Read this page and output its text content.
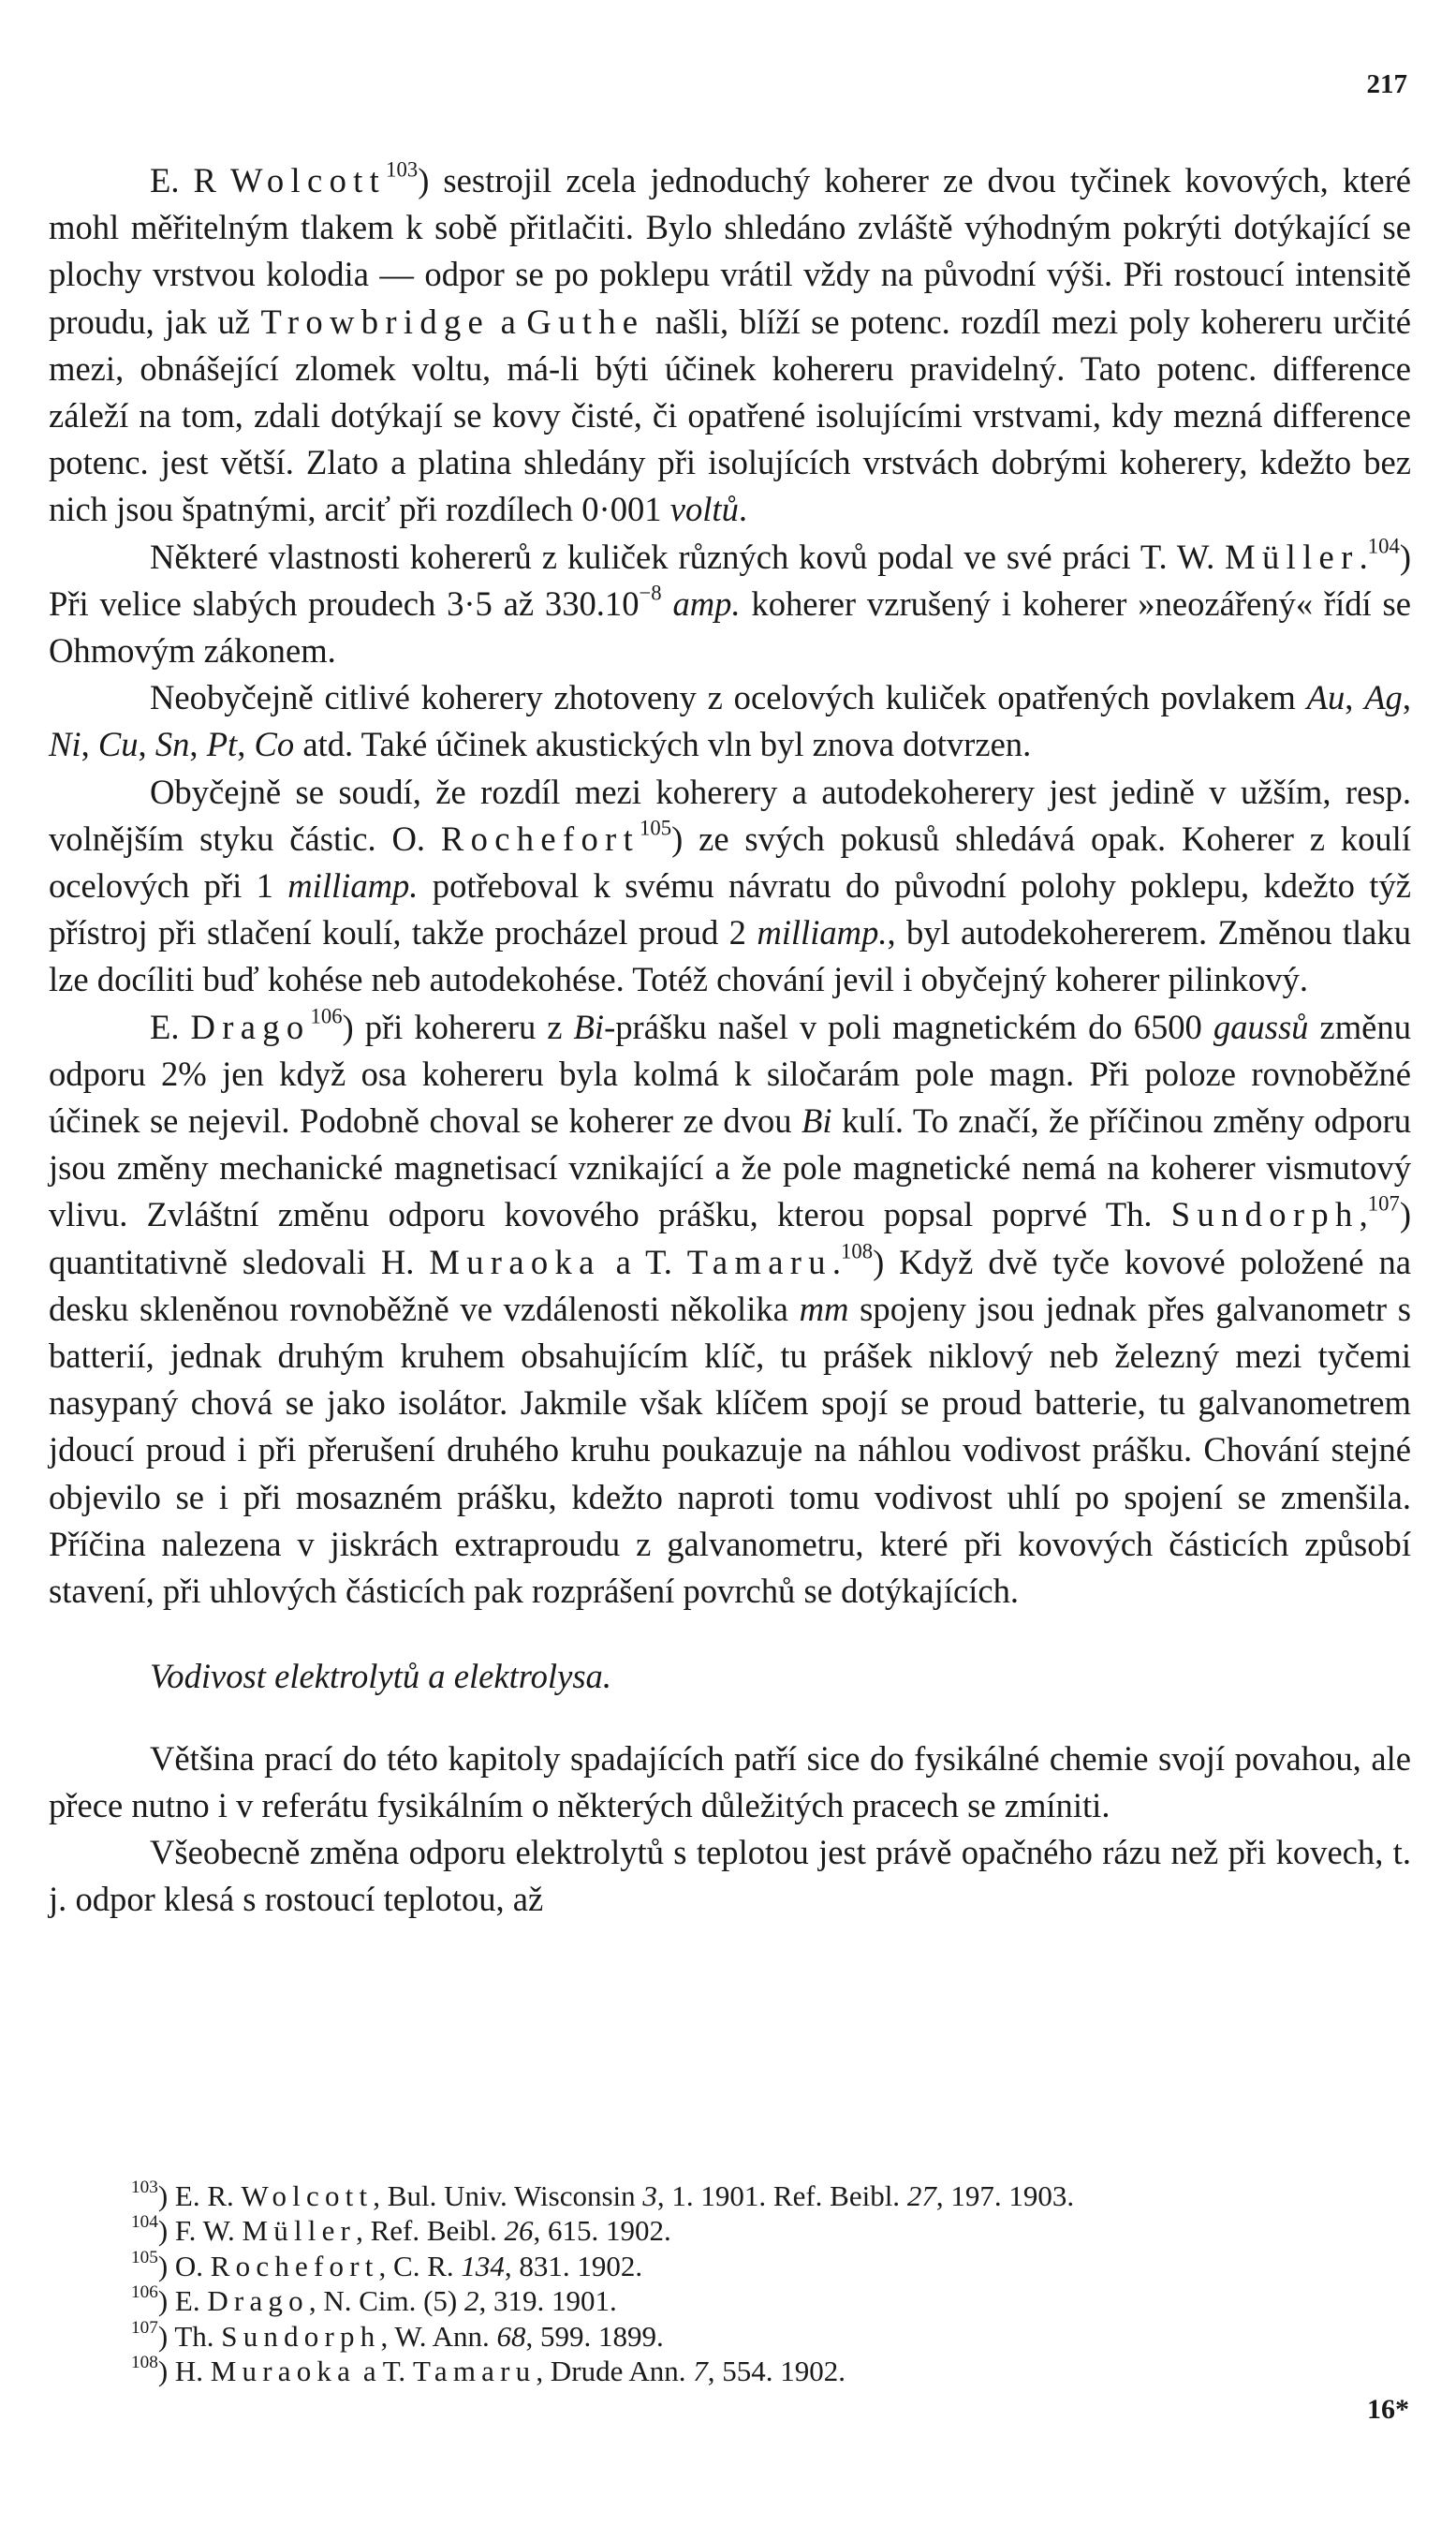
217

E. R Wolcott$^{103}$) sestrojil zcela jednoduchý koherer ze dvou tyčinek kovových, které mohl měřitelným tlakem k sobě přitlačiti. Bylo shledáno zvláště výhodným pokrýti dotýkající se plochy vrstvou kolodia — odpor se po poklepu vrátil vždy na původní výši. Při rostoucí intensitě proudu, jak už Trowbridge a Guthe našli, blíží se potenc. rozdíl mezi poly kohereru určité mezi, obnášející zlomek voltu, má-li býti účinek kohereru pravidelný. Tato potenc. difference záleží na tom, zdali dotýkají se kovy čisté, či opatřené isolujícími vrstvami, kdy mezná difference potenc. jest větší. Zlato a platina shledány při isolujících vrstvách dobrými koherery, kdežto bez nich jsou špatnými, arciť při rozdílech 0·001 voltů.

Některé vlastnosti kohererů z kuliček různých kovů podal ve své práci T. W. Müller.$^{104}$) Při velice slabých proudech 3·5 až $330.10^{-8}$ amp. koherer vzrušený i koherer »neozářený« řídí se Ohmovým zákonem.

Neobyčejně citlivé koherery zhotoveny z ocelových kuliček opatřených povlakem Au, Ag, Ni, Cu, Sn, Pt, Co atd. Také účinek akustických vln byl znova dotvrzen.

Obyčejně se soudí, že rozdíl mezi koherery a autodekoherery jest jedině v užším, resp. volnějším styku částic. O. Rochefort$^{105}$) ze svých pokusů shledává opak. Koherer z koulí ocelových při 1 milliamp. potřeboval k svému návratu do původní polohy poklepu, kdežto týž přístroj při stlačení koulí, takže procházel proud 2 milliamp., byl autodekohererem. Změnou tlaku lze docíliti buď kohése neb autodekohése. Totéž chování jevil i obyčejný koherer pilinkový.

E. Drago$^{106}$) při kohereru z Bi-prášku našel v poli magnetickém do 6500 gaussů změnu odporu 2% jen když osa kohereru byla kolmá k siločarám pole magn. Při poloze rovnoběžné účinek se nejevil. Podobně choval se koherer ze dvou Bi kulí. To značí, že příčinou změny odporu jsou změny mechanické magnetisací vznikající a že pole magnetické nemá na koherer vismutový vlivu. Zvláštní změnu odporu kovového prášku, kterou popsal poprvé Th. Sundorph,$^{107}$) quantitativně sledovali H. Muraoka a T. Tamaru.$^{108}$) Když dvě tyče kovové položené na desku skleněnou rovnoběžně ve vzdálenosti několika mm spojeny jsou jednak přes galvanometr s batterií, jednak druhým kruhem obsahujícím klíč, tu prášek niklový neb železný mezi tyčemi nasypaný chová se jako isolátor. Jakmile však klíčem spojí se proud batterie, tu galvanometrem jdoucí proud i při přerušení druhého kruhu poukazuje na náhlou vodivost prášku. Chování stejné objevilo se i při mosazném prášku, kdežto naproti tomu vodivost uhlí po spojení se zmenšila. Příčina nalezena v jiskrách extraproudu z galvanometru, které při kovových částicích způsobí stavení, při uhlových částicích pak rozprášení povrchů se dotýkajících.

Vodivost elektrolytů a elektrolysa.

Většina prací do této kapitoly spadajících patří sice do fysikálné chemie svojí povahou, ale přece nutno i v referátu fysikálním o některých důležitých pracech se zmíniti.

Všeobecně změna odporu elektrolytů s teplotou jest právě opačného rázu než při kovech, t. j. odpor klesá s rostoucí teplotou, až

$^{103}$) E. R. Wolcott, Bul. Univ. Wisconsin 3, 1. 1901. Ref. Beibl. 27, 197. 1903.
$^{104}$) F. W. Müller, Ref. Beibl. 26, 615. 1902.
$^{105}$) O. Rochefort, C. R. 134, 831. 1902.
$^{106}$) E. Drago, N. Cim. (5) 2, 319. 1901.
$^{107}$) Th. Sundorph, W. Ann. 68, 599. 1899.
$^{108}$) H. Muraoka a T. Tamaru, Drude Ann. 7, 554. 1902.
16*
